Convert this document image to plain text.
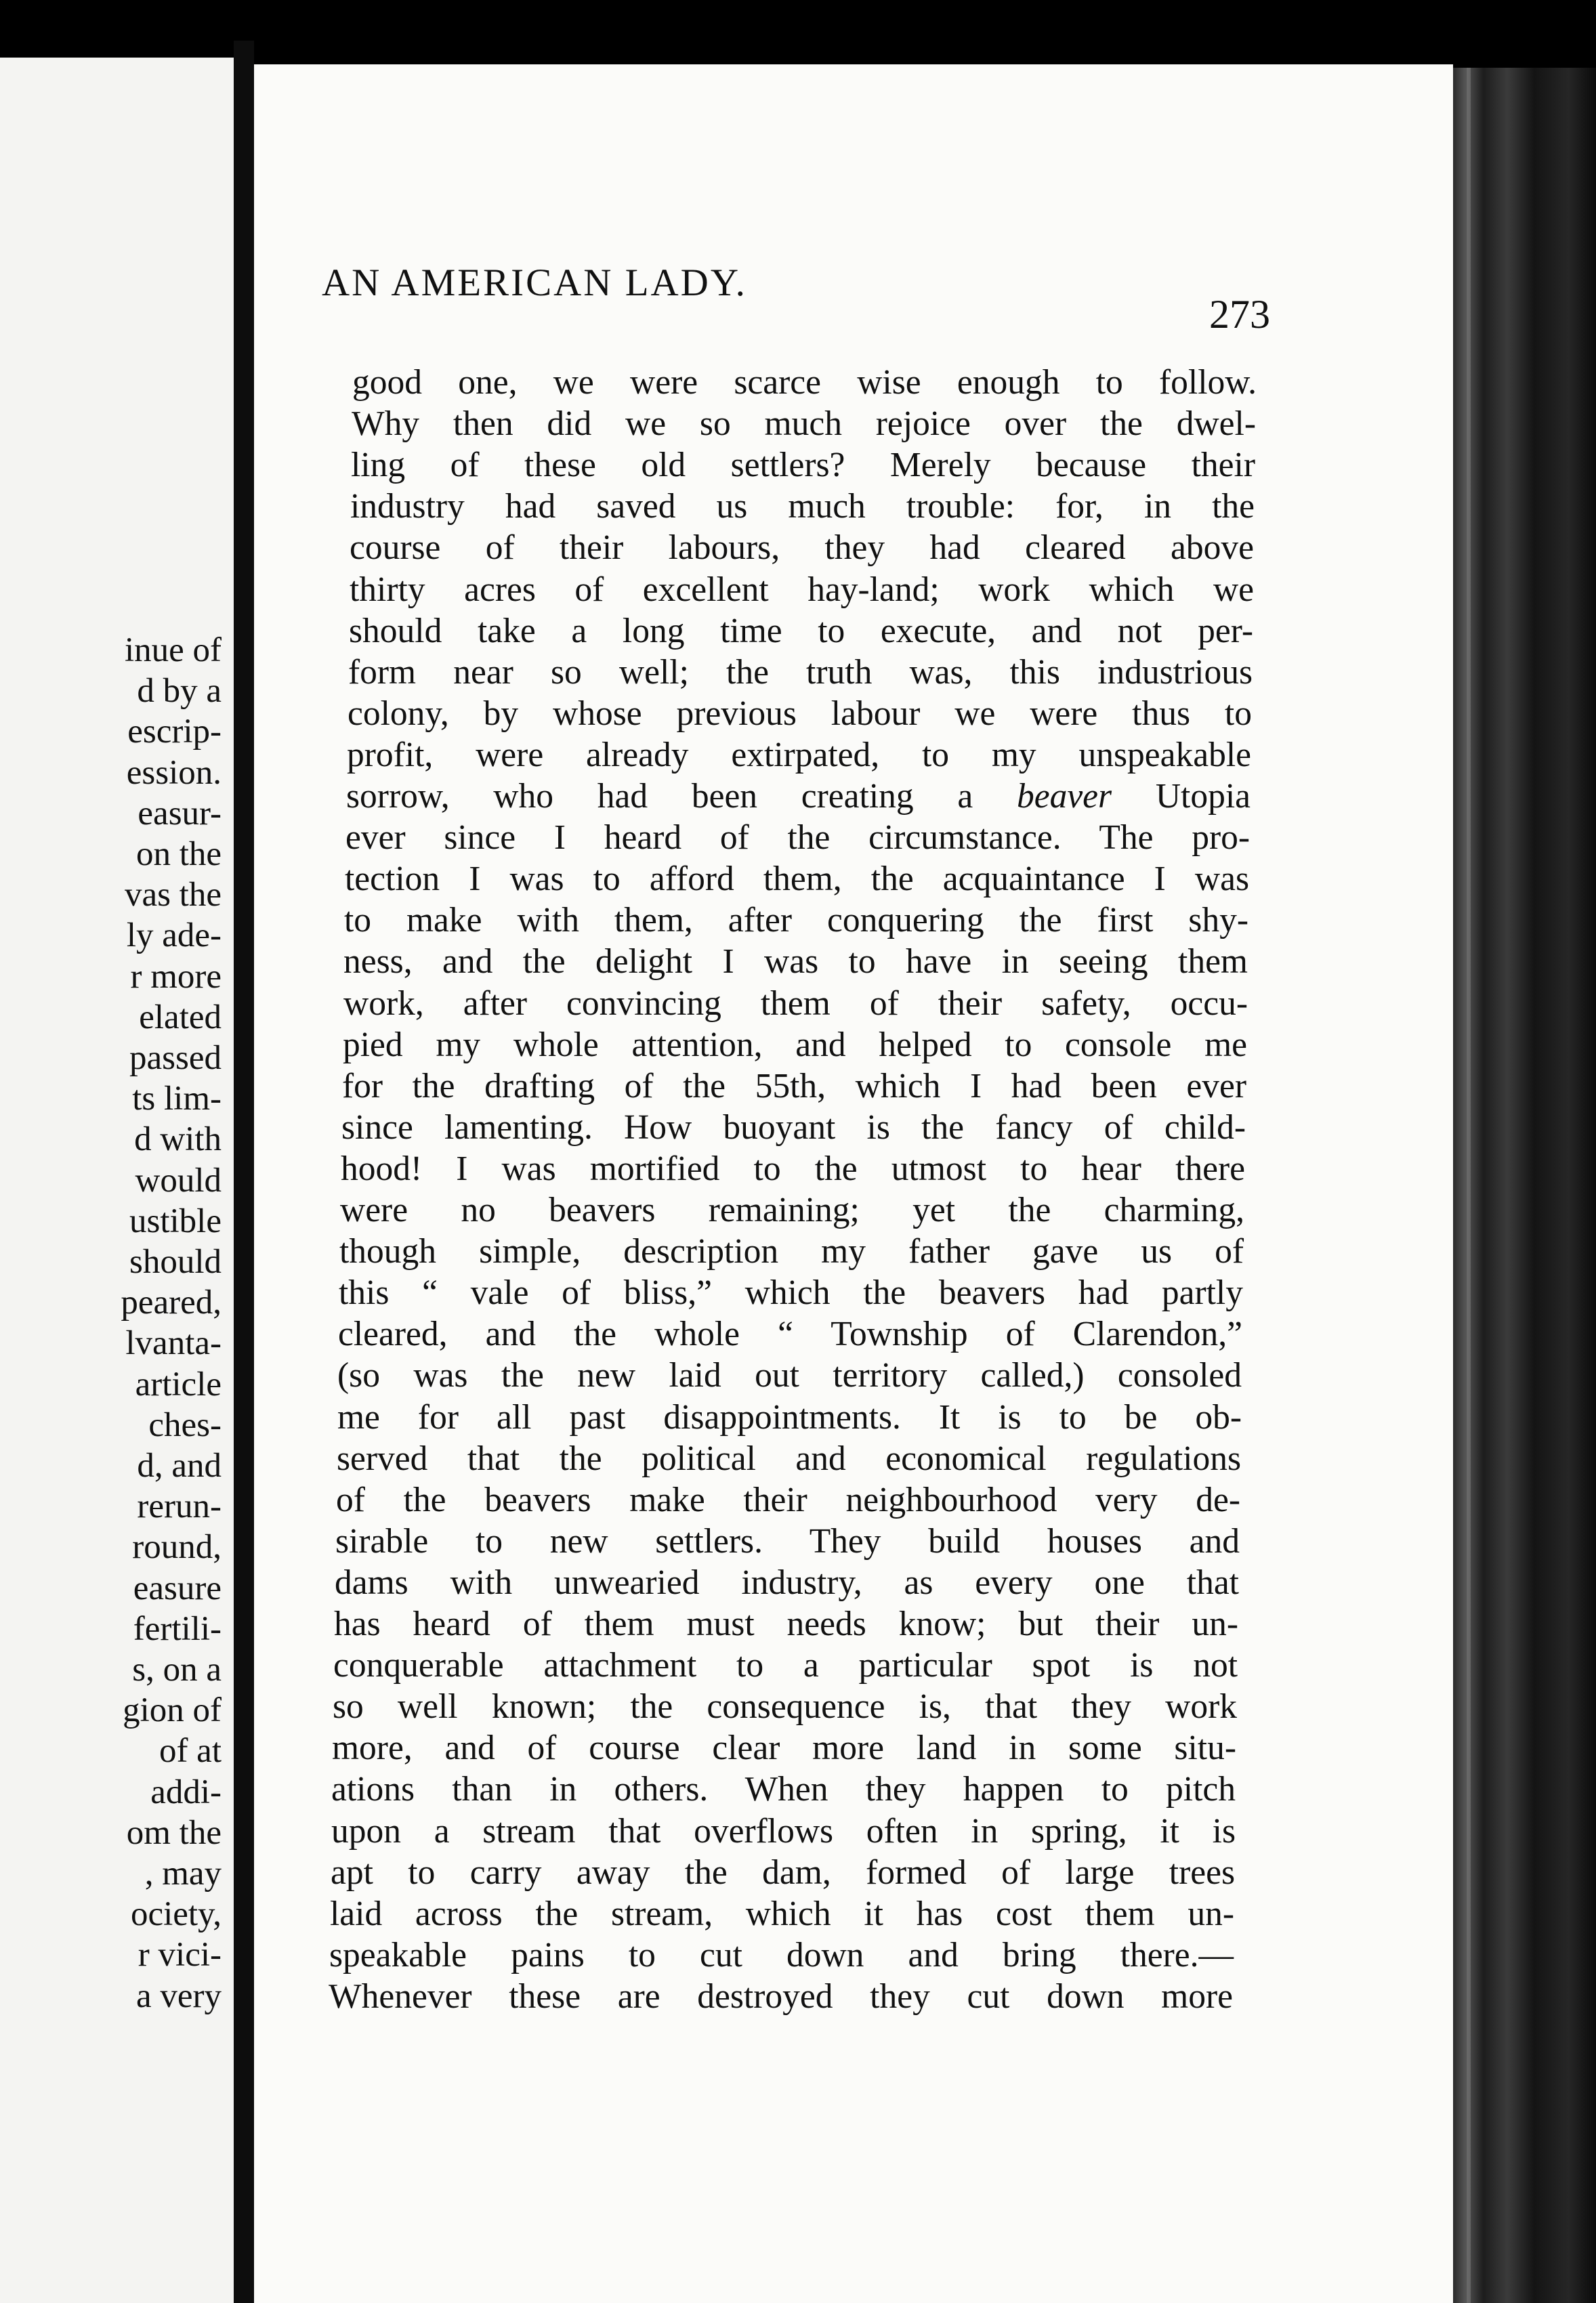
inue of
d by a
escrip-
ession.
easur-
on the
vas the
ly ade-
r more
elated
passed
ts lim-
d with
would
ustible
should
peared,
lvanta-
article
ches-
d, and
rerun-
round,
easure
fertili-
s, on a
gion of
of at
addi-
om the
, may
ociety,
r vici-
a very
good one, we were scarce wise enough to follow.
Why then did we so much rejoice over the dwel-
ling of these old settlers? Merely because their
industry had saved us much trouble: for, in the
course of their labours, they had cleared above
thirty acres of excellent hay-land; work which we
should take a long time to execute, and not per-
form near so well; the truth was, this industrious
colony, by whose previous labour we were thus to
profit, were already extirpated, to my unspeakable
sorrow, who had been creating a beaver Utopia
ever since I heard of the circumstance. The pro-
tection I was to afford them, the acquaintance I was
to make with them, after conquering the first shy-
ness, and the delight I was to have in seeing them
work, after convincing them of their safety, occu-
pied my whole attention, and helped to console me
for the drafting of the 55th, which I had been ever
since lamenting. How buoyant is the fancy of child-
hood! I was mortified to the utmost to hear there
were no beavers remaining; yet the charming,
though simple, description my father gave us of
this “ vale of bliss,” which the beavers had partly
cleared, and the whole “ Township of Clarendon,”
(so was the new laid out territory called,) consoled
me for all past disappointments. It is to be ob-
served that the political and economical regulations
of the beavers make their neighbourhood very de-
sirable to new settlers. They build houses and
dams with unwearied industry, as every one that
has heard of them must needs know; but their un-
conquerable attachment to a particular spot is not
so well known; the consequence is, that they work
more, and of course clear more land in some situ-
ations than in others. When they happen to pitch
upon a stream that overflows often in spring, it is
apt to carry away the dam, formed of large trees
laid across the stream, which it has cost them un-
speakable pains to cut down and bring there.—
Whenever these are destroyed they cut down more
AN AMERICAN LADY.
273
